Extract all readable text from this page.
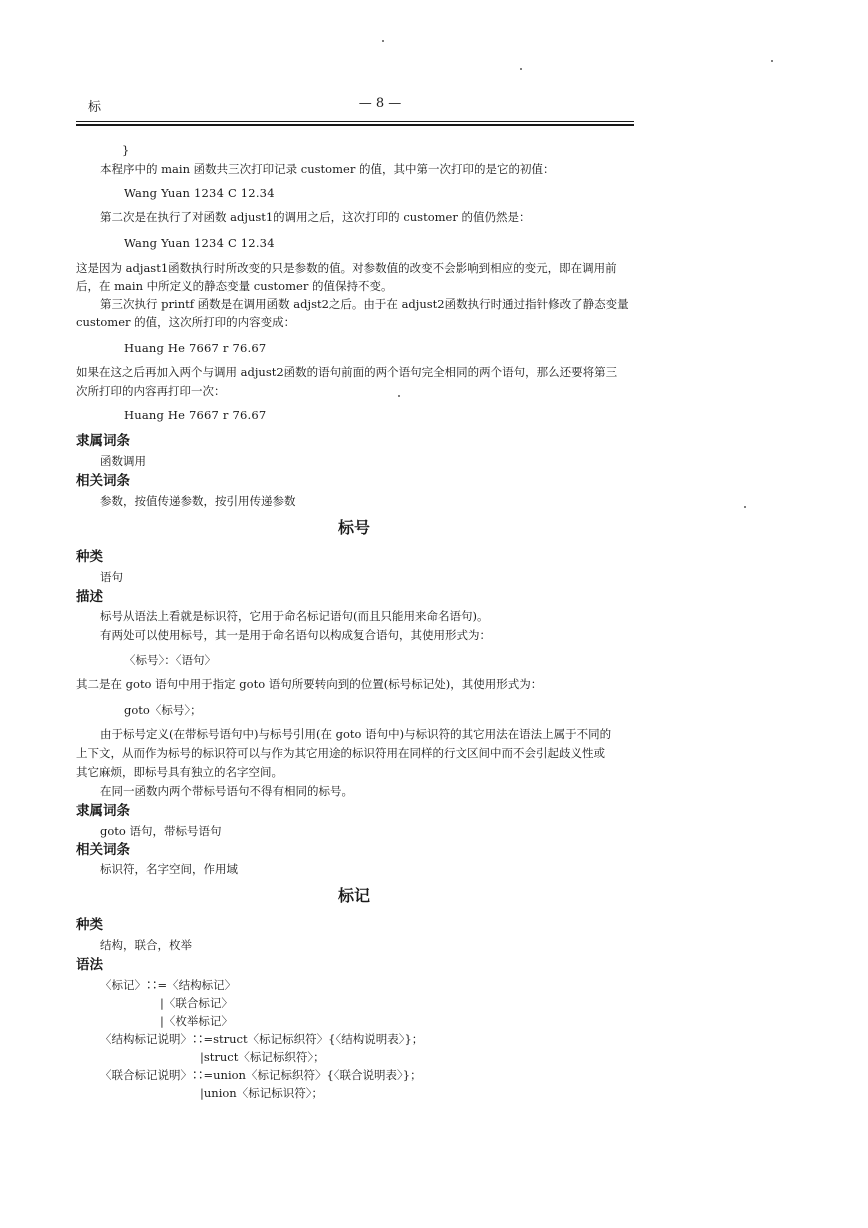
标	— 8 —
}
本程序中的 main 函数共三次打印记录 customer 的值，其中第一次打印的是它的初值：
Wang Yuan 1234 C 12.34
第二次是在执行了对函数 adjust1的调用之后，这次打印的 customer 的值仍然是：
Wang Yuan 1234 C 12.34
这是因为 adjast1函数执行时所改变的只是参数的值。对参数值的改变不会影响到相应的变元，即在调用前
后，在 main 中所定义的静态变量 customer 的值保持不变。
第三次执行 printf 函数是在调用函数 adjst2之后。由于在 adjust2函数执行时通过指针修改了静态变量
customer 的值，这次所打印的内容变成：
Huang He 7667 r 76.67
如果在这之后再加入两个与调用 adjust2函数的语句前面的两个语句完全相同的两个语句，那么还要将第三
次所打印的内容再打印一次：
Huang He 7667 r 76.67
隶属词条
函数调用
相关词条
参数，按值传递参数，按引用传递参数
标号
种类
语句
描述
标号从语法上看就是标识符，它用于命名标记语句(而且只能用来命名语句)。
有两处可以使用标号，其一是用于命名语句以构成复合语句，其使用形式为：
〈标号〉：〈语句〉
其二是在 goto 语句中用于指定 goto 语句所要转向到的位置(标号标记处)，其使用形式为：
goto〈标号〉；
由于标号定义(在带标号语句中)与标号引用(在 goto 语句中)与标识符的其它用法在语法上属于不同的
上下文，从而作为标号的标识符可以与作为其它用途的标识符用在同样的行文区间中而不会引起歧义性或
其它麻烦，即标号具有独立的名字空间。
在同一函数内两个带标号语句不得有相同的标号。
隶属词条
goto 语句，带标号语句
相关词条
标识符，名字空间，作用域
标记
种类
结构，联合，枚举
语法
〈标记〉∷=〈结构标记〉
|〈联合标记〉
|〈枚举标记〉
〈结构标记说明〉∷=struct〈标记标织符〉{〈结构说明表〉}；
|struct〈标记标织符〉；
〈联合标记说明〉∷=union〈标记标织符〉{〈联合说明表〉}；
|union〈标记标识符〉；
